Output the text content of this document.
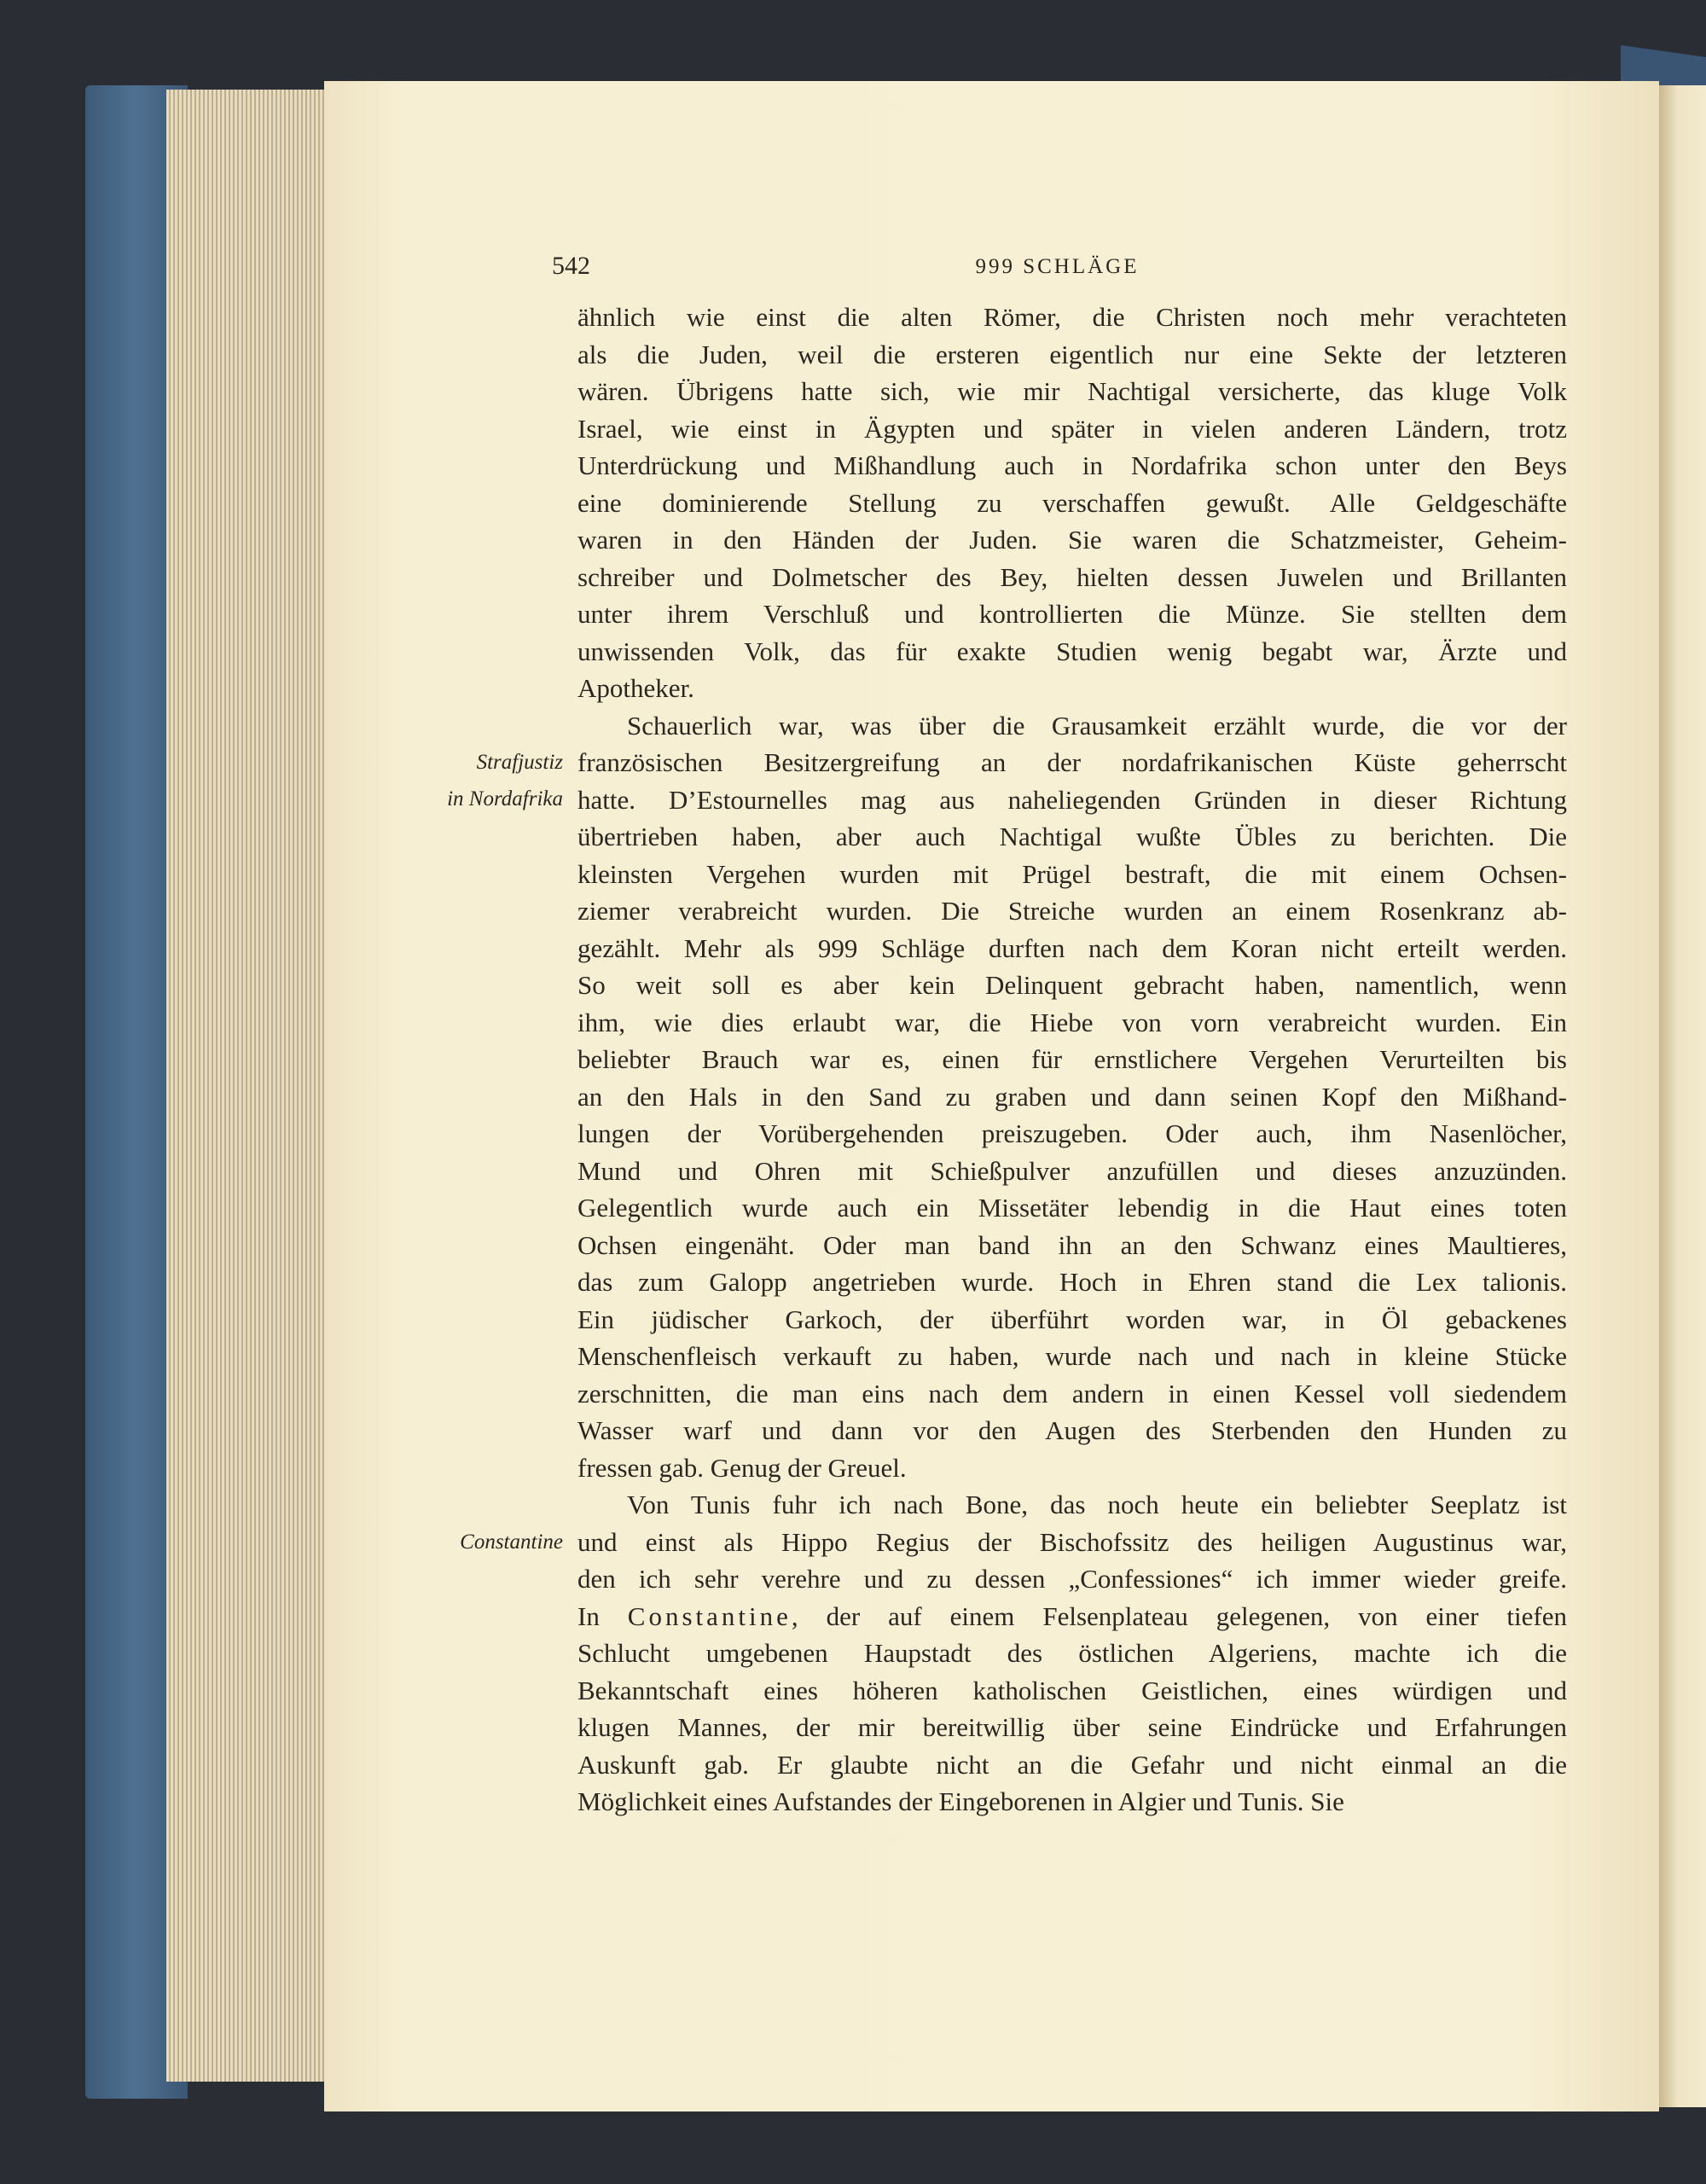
542	999 SCHLÄGE
Strafjustiz
in Nordafrika
Constantine
ähnlich wie einst die alten Römer, die Christen noch mehr verachteten
als die Juden, weil die ersteren eigentlich nur eine Sekte der letzteren
wären. Übrigens hatte sich, wie mir Nachtigal versicherte, das kluge Volk
Israel, wie einst in Ägypten und später in vielen anderen Ländern, trotz
Unterdrückung und Mißhandlung auch in Nordafrika schon unter den Beys
eine dominierende Stellung zu verschaffen gewußt. Alle Geldgeschäfte
waren in den Händen der Juden. Sie waren die Schatzmeister, Geheim-
schreiber und Dolmetscher des Bey, hielten dessen Juwelen und Brillanten
unter ihrem Verschluß und kontrollierten die Münze. Sie stellten dem
unwissenden Volk, das für exakte Studien wenig begabt war, Ärzte und
Apotheker.
Schauerlich war, was über die Grausamkeit erzählt wurde, die vor der
französischen Besitzergreifung an der nordafrikanischen Küste geherrscht
hatte. D’Estournelles mag aus naheliegenden Gründen in dieser Richtung
übertrieben haben, aber auch Nachtigal wußte Übles zu berichten. Die
kleinsten Vergehen wurden mit Prügel bestraft, die mit einem Ochsen-
ziemer verabreicht wurden. Die Streiche wurden an einem Rosenkranz ab-
gezählt. Mehr als 999 Schläge durften nach dem Koran nicht erteilt werden.
So weit soll es aber kein Delinquent gebracht haben, namentlich, wenn
ihm, wie dies erlaubt war, die Hiebe von vorn verabreicht wurden. Ein
beliebter Brauch war es, einen für ernstlichere Vergehen Verurteilten bis
an den Hals in den Sand zu graben und dann seinen Kopf den Mißhand-
lungen der Vorübergehenden preiszugeben. Oder auch, ihm Nasenlöcher,
Mund und Ohren mit Schießpulver anzufüllen und dieses anzuzünden.
Gelegentlich wurde auch ein Missetäter lebendig in die Haut eines toten
Ochsen eingenäht. Oder man band ihn an den Schwanz eines Maultieres,
das zum Galopp angetrieben wurde. Hoch in Ehren stand die Lex talionis.
Ein jüdischer Garkoch, der überführt worden war, in Öl gebackenes
Menschenfleisch verkauft zu haben, wurde nach und nach in kleine Stücke
zerschnitten, die man eins nach dem andern in einen Kessel voll siedendem
Wasser warf und dann vor den Augen des Sterbenden den Hunden zu
fressen gab. Genug der Greuel.
Von Tunis fuhr ich nach Bone, das noch heute ein beliebter Seeplatz ist
und einst als Hippo Regius der Bischofssitz des heiligen Augustinus war,
den ich sehr verehre und zu dessen „Confessiones“ ich immer wieder greife.
In Constantine, der auf einem Felsenplateau gelegenen, von einer tiefen
Schlucht umgebenen Haupstadt des östlichen Algeriens, machte ich die
Bekanntschaft eines höheren katholischen Geistlichen, eines würdigen und
klugen Mannes, der mir bereitwillig über seine Eindrücke und Erfahrungen
Auskunft gab. Er glaubte nicht an die Gefahr und nicht einmal an die
Möglichkeit eines Aufstandes der Eingeborenen in Algier und Tunis. Sie
